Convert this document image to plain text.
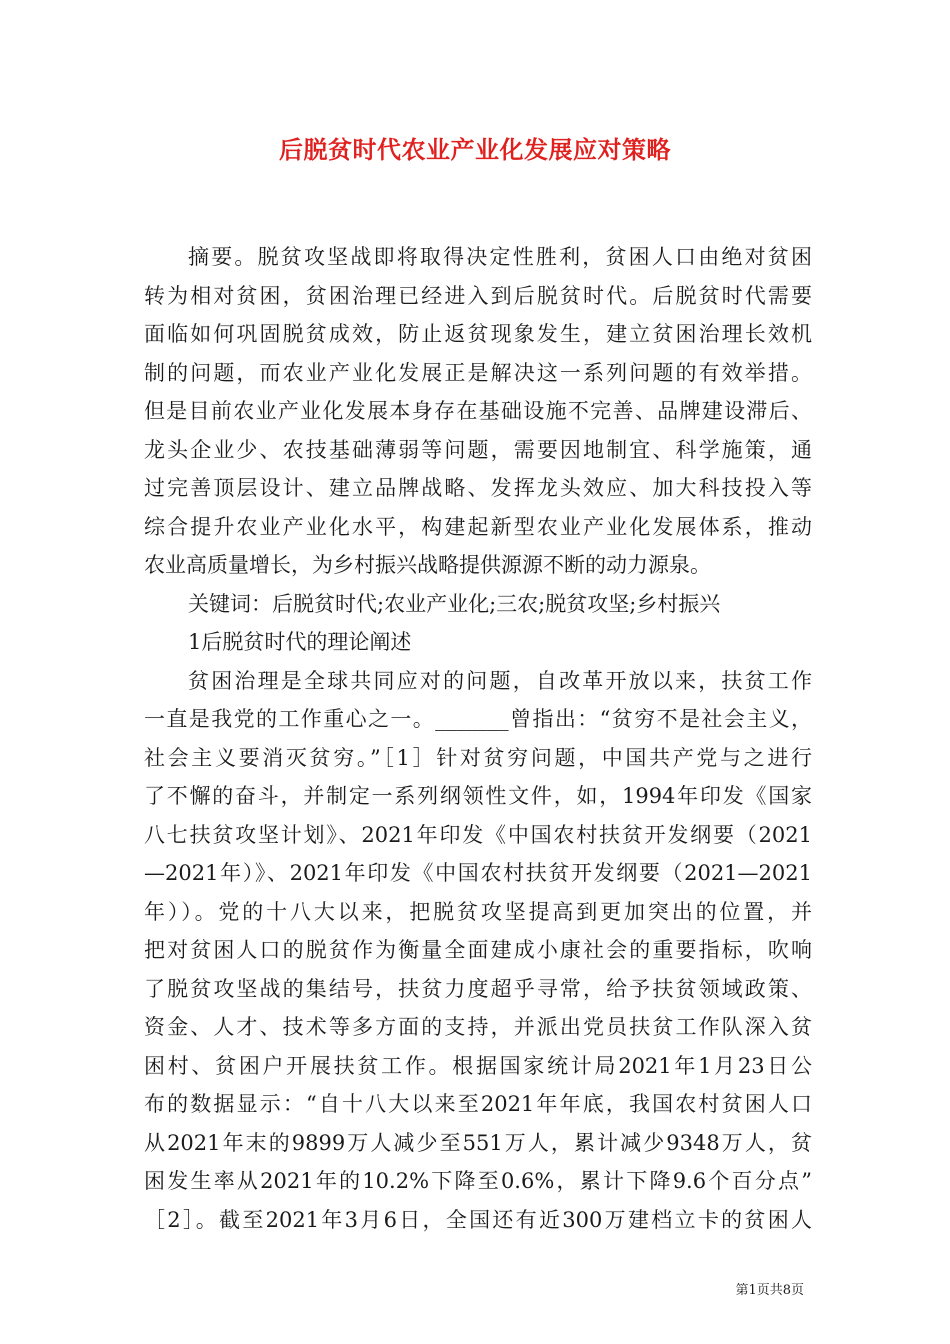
后脱贫时代农业产业化发展应对策略
摘要。脱贫攻坚战即将取得决定性胜利，贫困人口由绝对贫困
转为相对贫困，贫困治理已经进入到后脱贫时代。后脱贫时代需要
面临如何巩固脱贫成效，防止返贫现象发生，建立贫困治理长效机
制的问题，而农业产业化发展正是解决这一系列问题的有效举措。
但是目前农业产业化发展本身存在基础设施不完善、品牌建设滞后、
龙头企业少、农技基础薄弱等问题，需要因地制宜、科学施策，通
过完善顶层设计、建立品牌战略、发挥龙头效应、加大科技投入等
综合提升农业产业化水平，构建起新型农业产业化发展体系，推动
农业高质量增长，为乡村振兴战略提供源源不断的动力源泉。
关键词：后脱贫时代;农业产业化;三农;脱贫攻坚;乡村振兴
1后脱贫时代的理论阐述
贫困治理是全球共同应对的问题，自改革开放以来，扶贫工作
一直是我党的工作重心之一。_______曾指出：“贫穷不是社会主义，
社会主义要消灭贫穷。”［1］针对贫穷问题，中国共产党与之进行
了不懈的奋斗，并制定一系列纲领性文件，如，1994年印发《国家
八七扶贫攻坚计划》、2021年印发《中国农村扶贫开发纲要（2021
—2021年）》、2021年印发《中国农村扶贫开发纲要（2021—2021
年））。党的十八大以来，把脱贫攻坚提高到更加突出的位置，并
把对贫困人口的脱贫作为衡量全面建成小康社会的重要指标，吹响
了脱贫攻坚战的集结号，扶贫力度超乎寻常，给予扶贫领域政策、
资金、人才、技术等多方面的支持，并派出党员扶贫工作队深入贫
困村、贫困户开展扶贫工作。根据国家统计局2021年1月23日公
布的数据显示：“自十八大以来至2021年年底，我国农村贫困人口
从2021年末的9899万人减少至551万人，累计减少9348万人，贫
困发生率从2021年的10.2%下降至0.6%，累计下降9.6个百分点”
［2］。截至2021年3月6日，全国还有近300万建档立卡的贫困人
第1页共8页
